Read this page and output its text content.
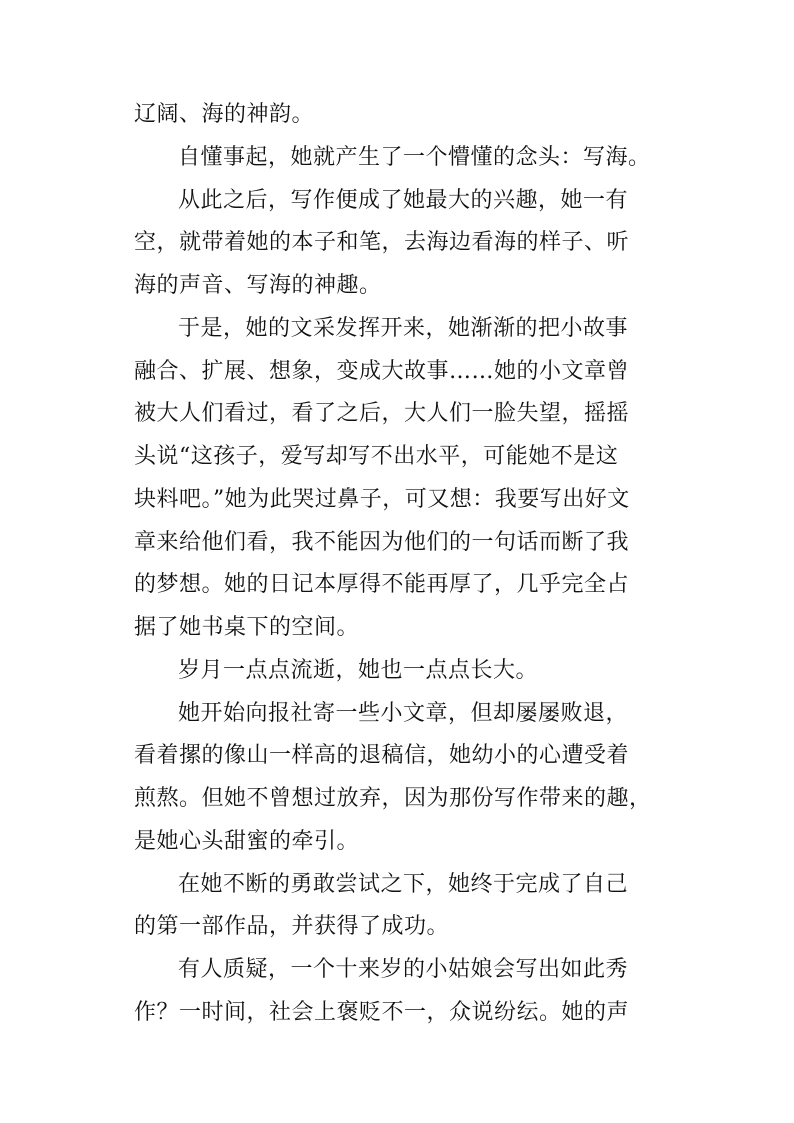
辽阔、海的神韵。
自懂事起，她就产生了一个懵懂的念头：写海。
从此之后，写作便成了她最大的兴趣，她一有
空，就带着她的本子和笔，去海边看海的样子、听
海的声音、写海的神趣。
于是，她的文采发挥开来，她渐渐的把小故事
融合、扩展、想象，变成大故事……她的小文章曾
被大人们看过，看了之后，大人们一脸失望，摇摇
头说“这孩子，爱写却写不出水平，可能她不是这
块料吧。”她为此哭过鼻子，可又想：我要写出好文
章来给他们看，我不能因为他们的一句话而断了我
的梦想。她的日记本厚得不能再厚了，几乎完全占
据了她书桌下的空间。
岁月一点点流逝，她也一点点长大。
她开始向报社寄一些小文章，但却屡屡败退，
看着摞的像山一样高的退稿信，她幼小的心遭受着
煎熬。但她不曾想过放弃，因为那份写作带来的趣，
是她心头甜蜜的牵引。
在她不断的勇敢尝试之下，她终于完成了自己
的第一部作品，并获得了成功。
有人质疑，一个十来岁的小姑娘会写出如此秀
作？一时间，社会上褒贬不一，众说纷纭。她的声
